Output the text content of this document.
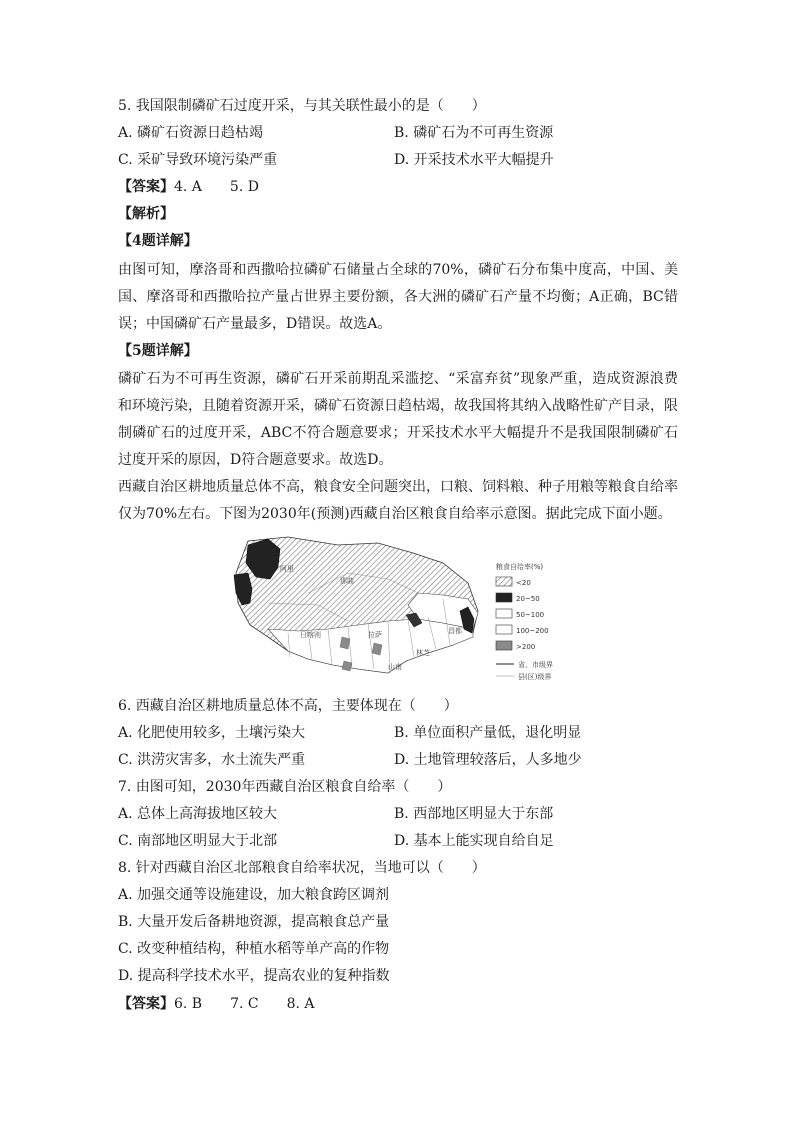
5. 我国限制磷矿石过度开采，与其关联性最小的是（　　）
A. 磷矿石资源日趋枯竭	B. 磷矿石为不可再生资源
C. 采矿导致环境污染严重	D. 开采技术水平大幅提升
【答案】4. A　　5. D
【解析】
【4题详解】
由图可知，摩洛哥和西撒哈拉磷矿石储量占全球的70%，磷矿石分布集中度高，中国、美国、摩洛哥和西撒哈拉产量占世界主要份额，各大洲的磷矿石产量不均衡；A正确，BC错误；中国磷矿石产量最多，D错误。故选A。
【5题详解】
磷矿石为不可再生资源，磷矿石开采前期乱采滥挖、“采富弃贫”现象严重，造成资源浪费和环境污染，且随着资源开采，磷矿石资源日趋枯竭，故我国将其纳入战略性矿产目录，限制磷矿石的过度开采，ABC不符合题意要求；开采技术水平大幅提升不是我国限制磷矿石过度开采的原因，D符合题意要求。故选D。
西藏自治区耕地质量总体不高，粮食安全问题突出，口粮、饲料粮、种子用粮等粮食自给率仅为70%左右。下图为2030年(预测)西藏自治区粮食自给率示意图。据此完成下面小题。
阿里
那曲
日喀则	拉萨	昌都
林芝
山南
粮食自给率(%)
<20
20~50
50~100
100~200
>200
省、市级界
县(区)级界
6. 西藏自治区耕地质量总体不高，主要体现在（　　）
A. 化肥使用较多，土壤污染大	B. 单位面积产量低，退化明显
C. 洪涝灾害多，水土流失严重	D. 土地管理较落后，人多地少
7. 由图可知，2030年西藏自治区粮食自给率（　　）
A. 总体上高海拔地区较大	B. 西部地区明显大于东部
C. 南部地区明显大于北部	D. 基本上能实现自给自足
8. 针对西藏自治区北部粮食自给率状况，当地可以（　　）
A. 加强交通等设施建设，加大粮食跨区调剂
B. 大量开发后备耕地资源，提高粮食总产量
C. 改变种植结构，种植水稻等单产高的作物
D. 提高科学技术水平，提高农业的复种指数
【答案】6. B　　7. C　　8. A
